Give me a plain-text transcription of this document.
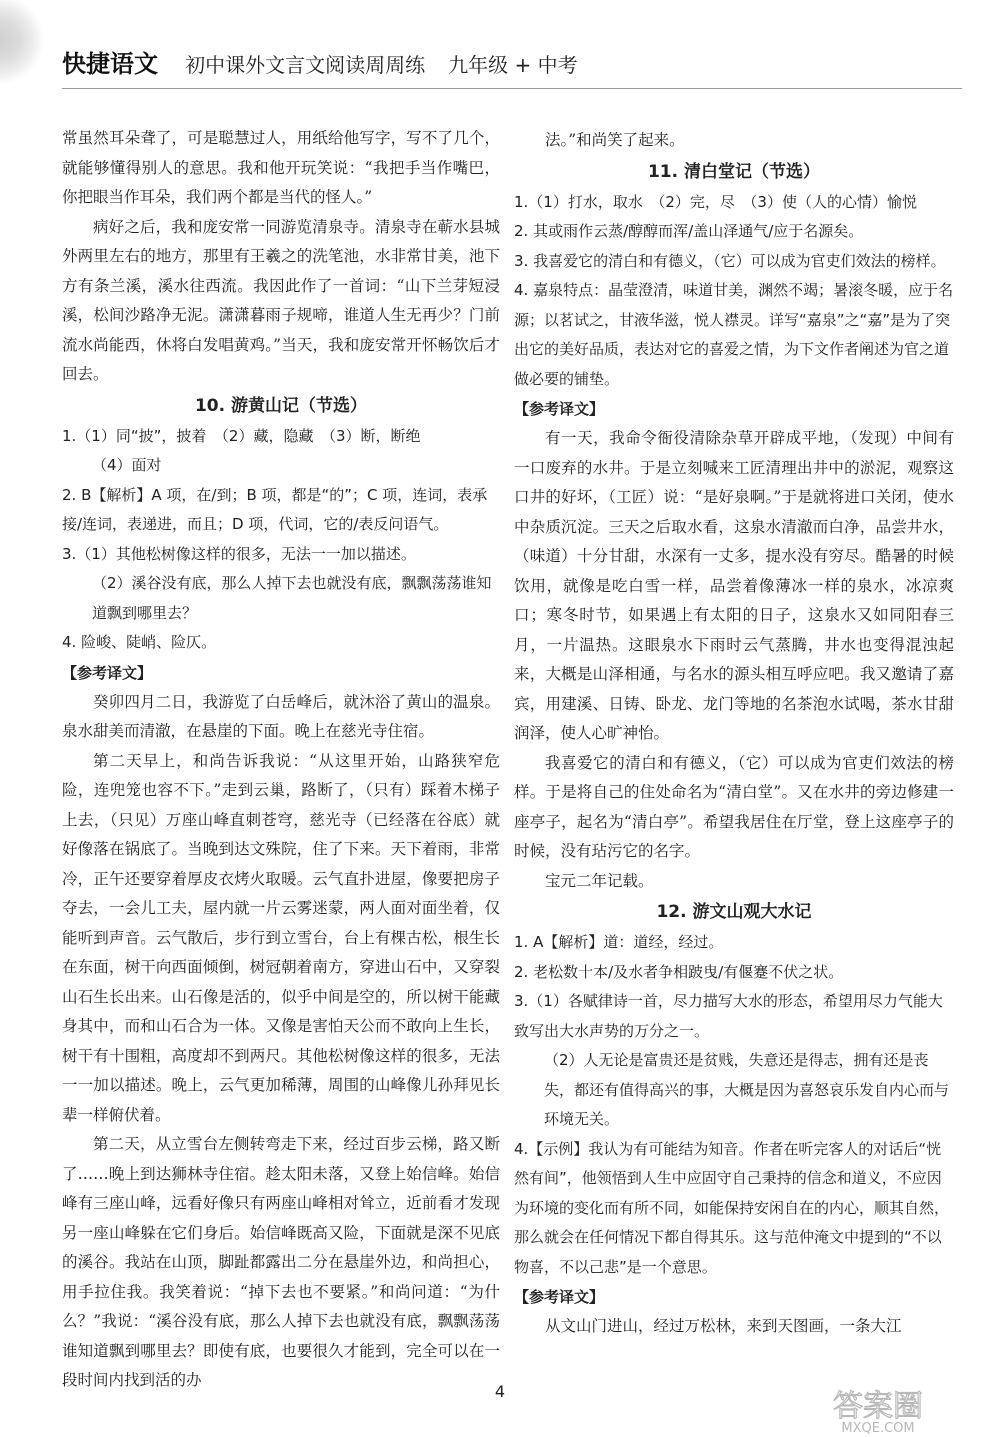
快捷语文 初中课外文言文阅读周周练 九年级 + 中考

常虽然耳朵聋了，可是聪慧过人，用纸给他写字，写不了几个，就能够懂得别人的意思。我和他开玩笑说：“我把手当作嘴巴，你把眼当作耳朵，我们两个都是当代的怪人。”

病好之后，我和庞安常一同游览清泉寺。清泉寺在蕲水县城外两里左右的地方，那里有王羲之的洗笔池，水非常甘美，池下方有条兰溪，溪水往西流。我因此作了一首词：“山下兰芽短浸溪，松间沙路净无泥。潇潇暮雨子规啼，谁道人生无再少？门前流水尚能西，休将白发唱黄鸡。”当天，我和庞安常开怀畅饮后才回去。

10. 游黄山记（节选）

1.（1）同“披”，披着　（2）藏，隐藏　（3）断，断绝

（4）面对

2. B【解析】A 项，在/到；B 项，都是“的”；C 项，连词，表承接/连词，表递进，而且；D 项，代词，它的/表反问语气。

3.（1）其他松树像这样的很多，无法一一加以描述。

（2）溪谷没有底，那么人掉下去也就没有底，飘飘荡荡谁知道飘到哪里去？

4. 险峻、陡峭、险仄。

【参考译文】

癸卯四月二日，我游览了白岳峰后，就沐浴了黄山的温泉。泉水甜美而清澈，在悬崖的下面。晚上在慈光寺住宿。

第二天早上，和尚告诉我说：“从这里开始，山路狭窄危险，连兜笼也容不下。”走到云巢，路断了，（只有）踩着木梯子上去，（只见）万座山峰直刺苍穹，慈光寺（已经落在谷底）就好像落在锅底了。当晚到达文殊院，住了下来。天下着雨，非常冷，正午还要穿着厚皮衣烤火取暖。云气直扑进屋，像要把房子夺去，一会儿工夫，屋内就一片云雾迷蒙，两人面对面坐着，仅能听到声音。云气散后，步行到立雪台，台上有棵古松，根生长在东面，树干向西面倾倒，树冠朝着南方，穿进山石中，又穿裂山石生长出来。山石像是活的，似乎中间是空的，所以树干能藏身其中，而和山石合为一体。又像是害怕天公而不敢向上生长，树干有十围粗，高度却不到两尺。其他松树像这样的很多，无法一一加以描述。晚上，云气更加稀薄，周围的山峰像儿孙拜见长辈一样俯伏着。

第二天，从立雪台左侧转弯走下来，经过百步云梯，路又断了……晚上到达狮林寺住宿。趁太阳未落，又登上始信峰。始信峰有三座山峰，远看好像只有两座山峰相对耸立，近前看才发现另一座山峰躲在它们身后。始信峰既高又险，下面就是深不见底的溪谷。我站在山顶，脚趾都露出二分在悬崖外边，和尚担心，用手拉住我。我笑着说：“掉下去也不要紧。”和尚问道：“为什么？”我说：“溪谷没有底，那么人掉下去也就没有底，飘飘荡荡谁知道飘到哪里去？即使有底，也要很久才能到，完全可以在一段时间内找到活的办

法。”和尚笑了起来。

11. 清白堂记（节选）

1.（1）打水，取水　（2）完，尽　（3）使（人的心情）愉悦

2. 其或雨作云蒸/醇醇而浑/盖山泽通气/应于名源矣。

3. 我喜爱它的清白和有德义，（它）可以成为官吏们效法的榜样。

4. 嘉泉特点：晶莹澄清，味道甘美，渊然不竭；暑滚冬暖，应于名源；以茗试之，甘液华滋，悦人襟灵。详写“嘉泉”之“嘉”是为了突出它的美好品质，表达对它的喜爱之情，为下文作者阐述为官之道做必要的铺垫。

【参考译文】

有一天，我命令衙役清除杂草开辟成平地，（发现）中间有一口废弃的水井。于是立刻喊来工匠清理出井中的淤泥，观察这口井的好坏，（工匠）说：“是好泉啊。”于是就将进口关闭，使水中杂质沉淀。三天之后取水看，这泉水清澈而白净，品尝井水，（味道）十分甘甜，水深有一丈多，提水没有穷尽。酷暑的时候饮用，就像是吃白雪一样，品尝着像薄冰一样的泉水，冰凉爽口；寒冬时节，如果遇上有太阳的日子，这泉水又如同阳春三月，一片温热。这眼泉水下雨时云气蒸腾，井水也变得混浊起来，大概是山泽相通，与名水的源头相互呼应吧。我又邀请了嘉宾，用建溪、日铸、卧龙、龙门等地的名茶泡水试喝，茶水甘甜润泽，使人心旷神怡。

我喜爱它的清白和有德义，（它）可以成为官吏们效法的榜样。于是将自己的住处命名为“清白堂”。又在水井的旁边修建一座亭子，起名为“清白亭”。希望我居住在厅堂，登上这座亭子的时候，没有玷污它的名字。

宝元二年记载。

12. 游文山观大水记

1. A【解析】道：道经，经过。

2. 老松数十本/及水者争相跛曳/有偃蹇不伏之状。

3.（1）各赋律诗一首，尽力描写大水的形态，希望用尽力气能大致写出大水声势的万分之一。

（2）人无论是富贵还是贫贱，失意还是得志，拥有还是丧失，都还有值得高兴的事，大概是因为喜怒哀乐发自内心而与环境无关。

4.【示例】我认为有可能结为知音。作者在听完客人的对话后“恍然有间”，他领悟到人生中应固守自己秉持的信念和道义，不应因为环境的变化而有所不同，如能保持安闲自在的内心，顺其自然，那么就会在任何情况下都自得其乐。这与范仲淹文中提到的“不以物喜，不以己悲”是一个意思。

【参考译文】

从文山门进山，经过万松林，来到天图画，一条大江

4	答案圈
MXQE.COM
